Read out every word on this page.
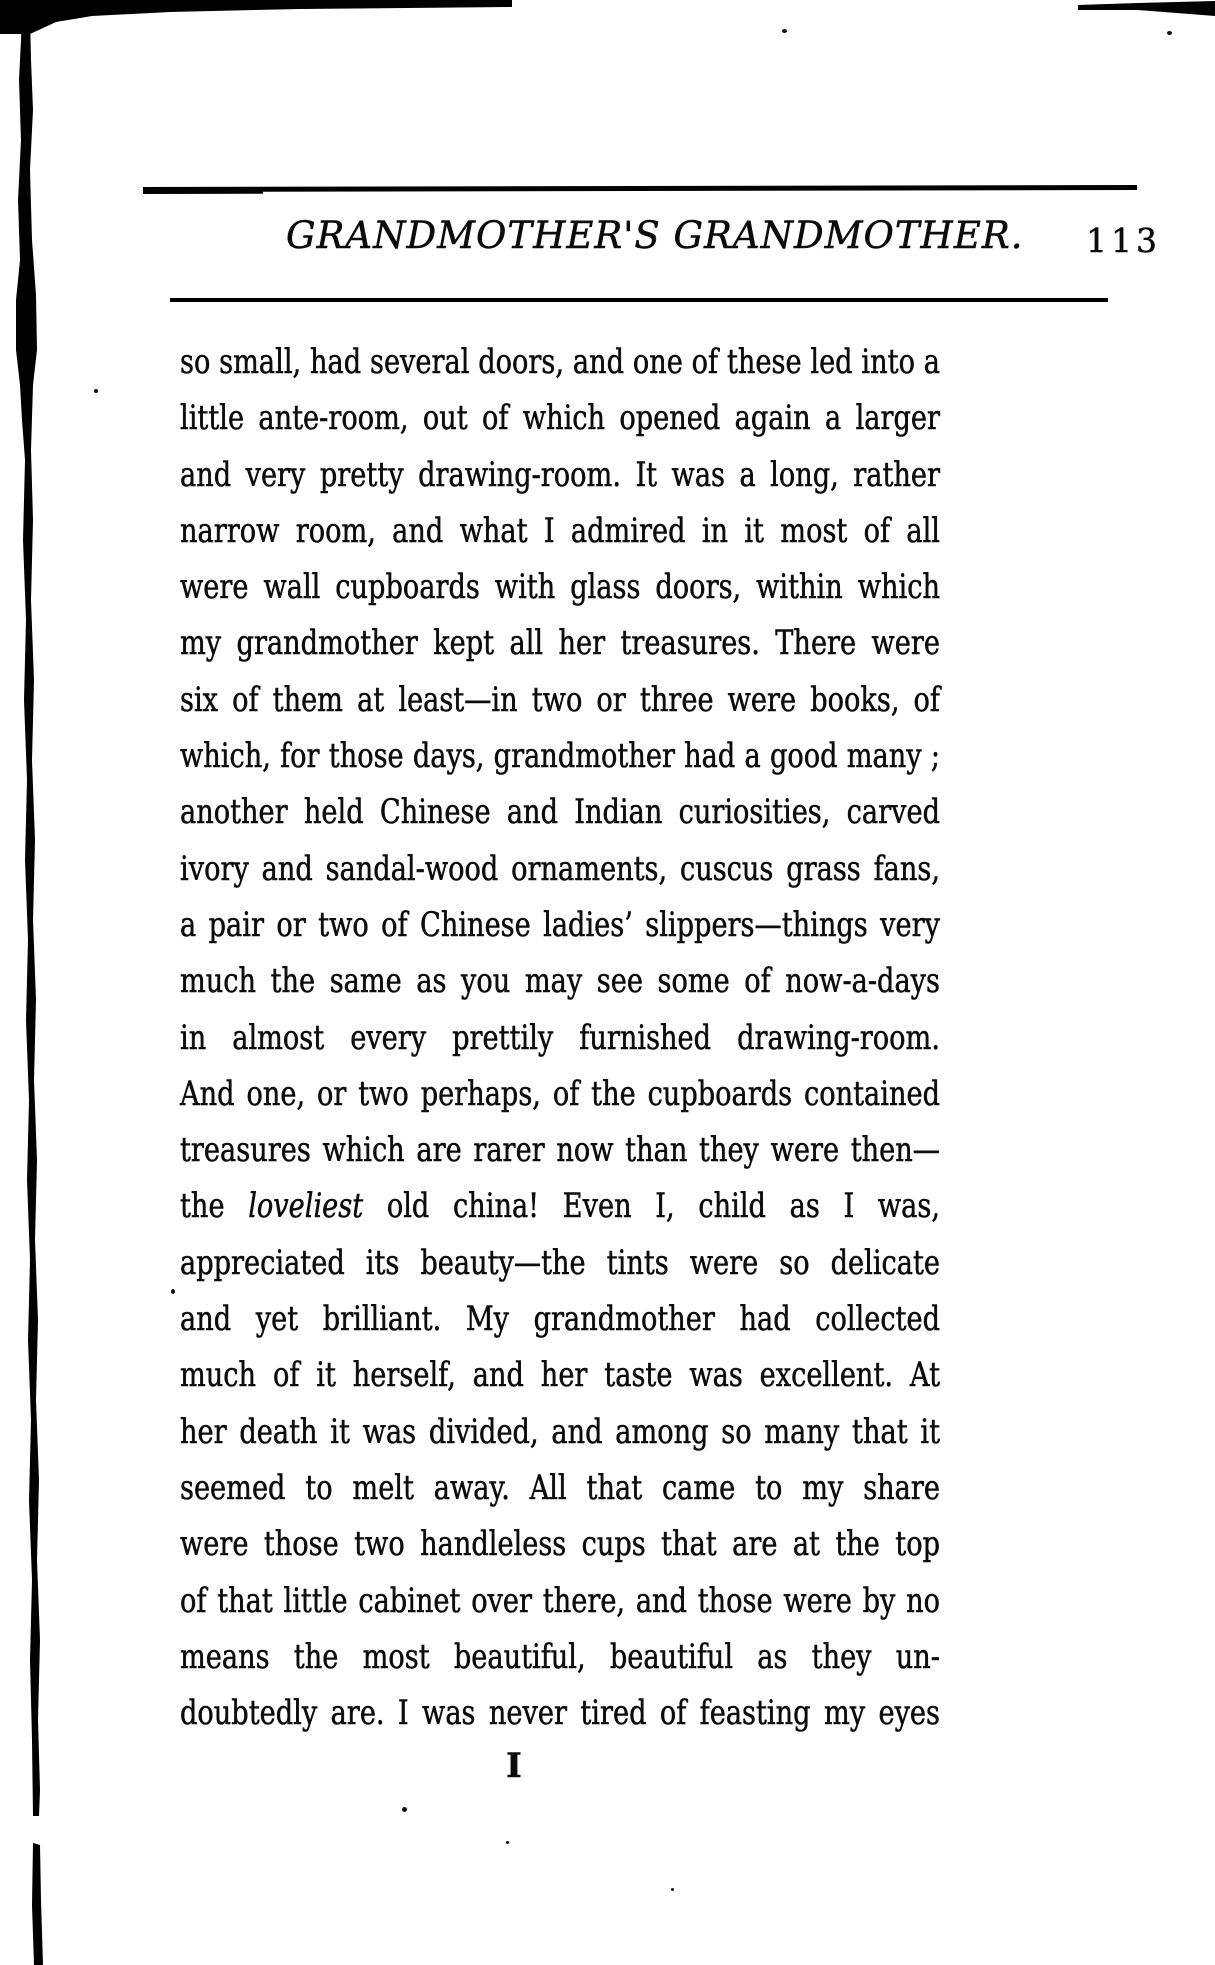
GRANDMOTHER'S GRANDMOTHER. 113
so small, had several doors, and one of these led into a
little ante-room, out of which opened again a larger
and very pretty drawing-room. It was a long, rather
narrow room, and what I admired in it most of all
were wall cupboards with glass doors, within which
my grandmother kept all her treasures. There were
six of them at least—in two or three were books, of
which, for those days, grandmother had a good many ;
another held Chinese and Indian curiosities, carved
ivory and sandal-wood ornaments, cuscus grass fans,
a pair or two of Chinese ladies’ slippers—things very
much the same as you may see some of now-a-days
in almost every prettily furnished drawing-room.
And one, or two perhaps, of the cupboards contained
treasures which are rarer now than they were then—
the loveliest old china! Even I, child as I was,
appreciated its beauty—the tints were so delicate
and yet brilliant. My grandmother had collected
much of it herself, and her taste was excellent. At
her death it was divided, and among so many that it
seemed to melt away. All that came to my share
were those two handleless cups that are at the top
of that little cabinet over there, and those were by no
means the most beautiful, beautiful as they un-
doubtedly are. I was never tired of feasting my eyes
I
